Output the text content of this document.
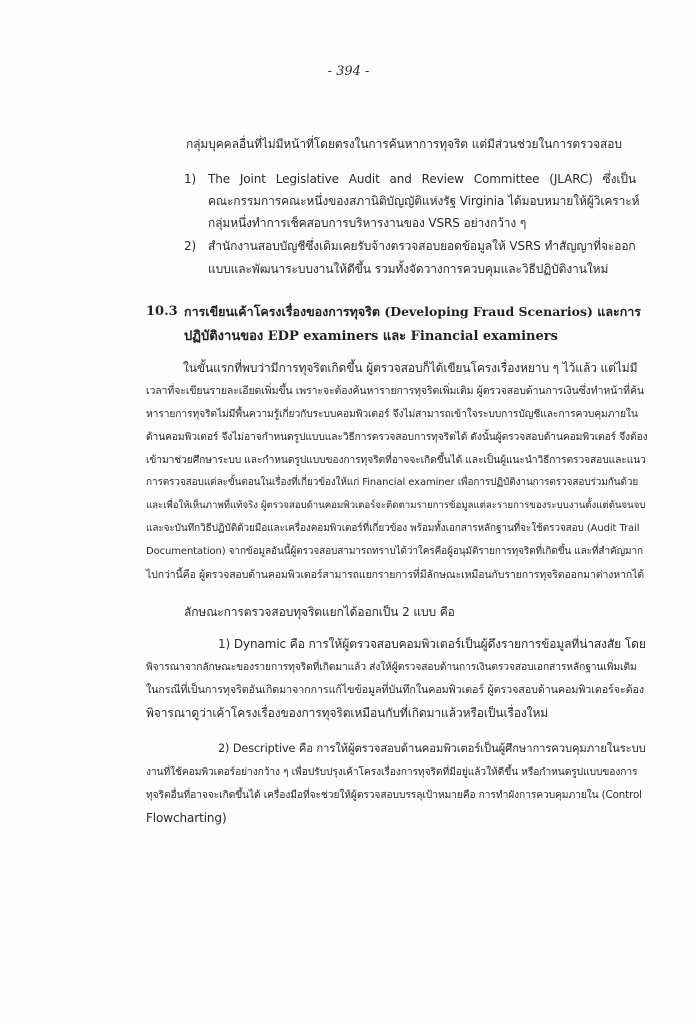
- 394 -
กลุ่มบุคคลอื่นที่ไม่มีหน้าที่โดยตรงในการค้นหาการทุจริต แต่มีส่วนช่วยในการตรวจสอบ
1) The Joint Legislative Audit and Review Committee (JLARC) ซึ่งเป็น
คณะกรรมการคณะหนึ่งของสภานิติบัญญัติแห่งรัฐ Virginia ได้มอบหมายให้ผู้วิเคราะห์
กลุ่มหนึ่งทำการเช็คสอบการบริหารงานของ VSRS อย่างกว้าง ๆ
2) สำนักงานสอบบัญชีซึ่งเดิมเคยรับจ้างตรวจสอบยอดข้อมูลให้ VSRS ทำสัญญาที่จะออก
แบบและพัฒนาระบบงานให้ดีขึ้น รวมทั้งจัดวางการควบคุมและวิธีปฏิบัติงานใหม่
10.3 การเขียนเค้าโครงเรื่องของการทุจริต (Developing Fraud Scenarios) และการ
ปฏิบัติงานของ EDP examiners และ Financial examiners
ในขั้นแรกที่พบว่ามีการทุจริตเกิดขึ้น ผู้ตรวจสอบก็ได้เขียนโครงเรื่องหยาบ ๆ ไว้แล้ว แต่ไม่มี
เวลาที่จะเขียนรายละเอียดเพิ่มขึ้น เพราะจะต้องค้นหารายการทุจริตเพิ่มเติม ผู้ตรวจสอบด้านการเงินซึ่งทำหน้าที่ค้น
หารายการทุจริตไม่มีพื้นความรู้เกี่ยวกับระบบคอมพิวเตอร์ จึงไม่สามารถเข้าใจระบบการบัญชีและการควบคุมภายใน
ด้านคอมพิวเตอร์ จึงไม่อาจกำหนดรูปแบบและวิธีการตรวจสอบการทุจริตได้ ดังนั้นผู้ตรวจสอบด้านคอมพิวเตอร์ จึงต้อง
เข้ามาช่วยศึกษาระบบ และกำหนดรูปแบบของการทุจริตที่อาจจะเกิดขึ้นได้ และเป็นผู้แนะนำวิธีการตรวจสอบและแนว
การตรวจสอบแต่ละขั้นตอนในเรื่องที่เกี่ยวข้องให้แก่ Financial examiner เพื่อการปฏิบัติงานการตรวจสอบร่วมกันด้วย
และเพื่อให้เห็นภาพที่แท้จริง ผู้ตรวจสอบด้านคอมพิวเตอร์จะติดตามรายการข้อมูลแต่ละรายการของระบบงานตั้งแต่ต้นจนจบ
และจะบันทึกวิธีปฏิบัติด้วยมือและเครื่องคอมพิวเตอร์ที่เกี่ยวข้อง พร้อมทั้งเอกสารหลักฐานที่จะใช้ตรวจสอบ (Audit Trail
Documentation) จากข้อมูลอันนี้ผู้ตรวจสอบสามารถทราบได้ว่าใครคือผู้อนุมัติรายการทุจริตที่เกิดขึ้น และที่สำคัญมาก
ไปกว่านี้คือ ผู้ตรวจสอบด้านคอมพิวเตอร์สามารถแยกรายการที่มีลักษณะเหมือนกับรายการทุจริตออกมาต่างหากได้
ลักษณะการตรวจสอบทุจริตแยกได้ออกเป็น 2 แบบ คือ
1) Dynamic คือ การให้ผู้ตรวจสอบคอมพิวเตอร์เป็นผู้ดึงรายการข้อมูลที่น่าสงสัย โดย
พิจารณาจากลักษณะของรายการทุจริตที่เกิดมาแล้ว ส่งให้ผู้ตรวจสอบด้านการเงินตรวจสอบเอกสารหลักฐานเพิ่มเติม
ในกรณีที่เป็นการทุจริตอันเกิดมาจากการแก้ไขข้อมูลที่บันทึกในคอมพิวเตอร์ ผู้ตรวจสอบด้านคอมพิวเตอร์จะต้อง
พิจารณาดูว่าเค้าโครงเรื่องของการทุจริตเหมือนกับที่เกิดมาแล้วหรือเป็นเรื่องใหม่
2) Descriptive คือ การให้ผู้ตรวจสอบด้านคอมพิวเตอร์เป็นผู้ศึกษาการควบคุมภายในระบบ
งานที่ใช้คอมพิวเตอร์อย่างกว้าง ๆ เพื่อปรับปรุงเค้าโครงเรื่องการทุจริตที่มีอยู่แล้วให้ดีขึ้น หรือกำหนดรูปแบบของการ
ทุจริตอื่นที่อาจจะเกิดขึ้นได้ เครื่องมือที่จะช่วยให้ผู้ตรวจสอบบรรลุเป้าหมายคือ การทำผังการควบคุมภายใน (Control
Flowcharting)
